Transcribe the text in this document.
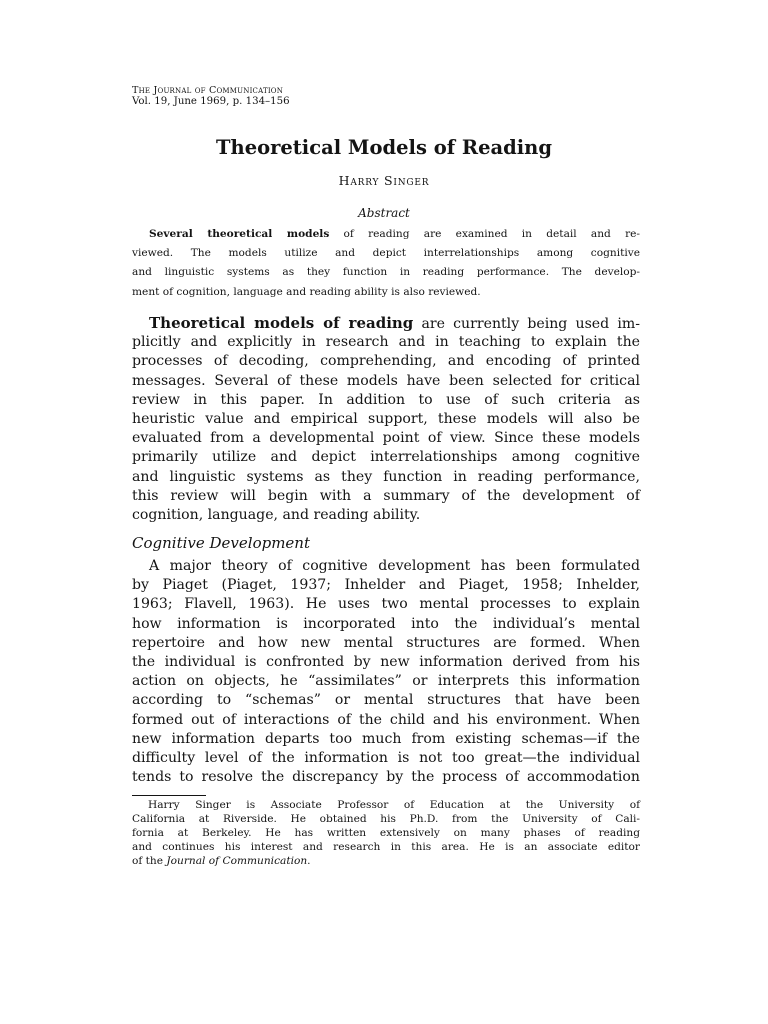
The Journal of Communication
Vol. 19, June 1969, p. 134–156
Theoretical Models of Reading
Harry Singer
Abstract
Several theoretical models of reading are examined in detail and re-
viewed. The models utilize and depict interrelationships among cognitive
and linguistic systems as they function in reading performance. The develop-
ment of cognition, language and reading ability is also reviewed.
Theoretical models of reading are currently being used im-
plicitly and explicitly in research and in teaching to explain the
processes of decoding, comprehending, and encoding of printed
messages. Several of these models have been selected for critical
review in this paper. In addition to use of such criteria as
heuristic value and empirical support, these models will also be
evaluated from a developmental point of view. Since these models
primarily utilize and depict interrelationships among cognitive
and linguistic systems as they function in reading performance,
this review will begin with a summary of the development of
cognition, language, and reading ability.
Cognitive Development
A major theory of cognitive development has been formulated
by Piaget (Piaget, 1937; Inhelder and Piaget, 1958; Inhelder,
1963; Flavell, 1963). He uses two mental processes to explain
how information is incorporated into the individual’s mental
repertoire and how new mental structures are formed. When
the individual is confronted by new information derived from his
action on objects, he “assimilates” or interprets this information
according to “schemas” or mental structures that have been
formed out of interactions of the child and his environment. When
new information departs too much from existing schemas—if the
difficulty level of the information is not too great—the individual
tends to resolve the discrepancy by the process of accommodation
Harry Singer is Associate Professor of Education at the University of
California at Riverside. He obtained his Ph.D. from the University of Cali-
fornia at Berkeley. He has written extensively on many phases of reading
and continues his interest and research in this area. He is an associate editor
of the Journal of Communication.
